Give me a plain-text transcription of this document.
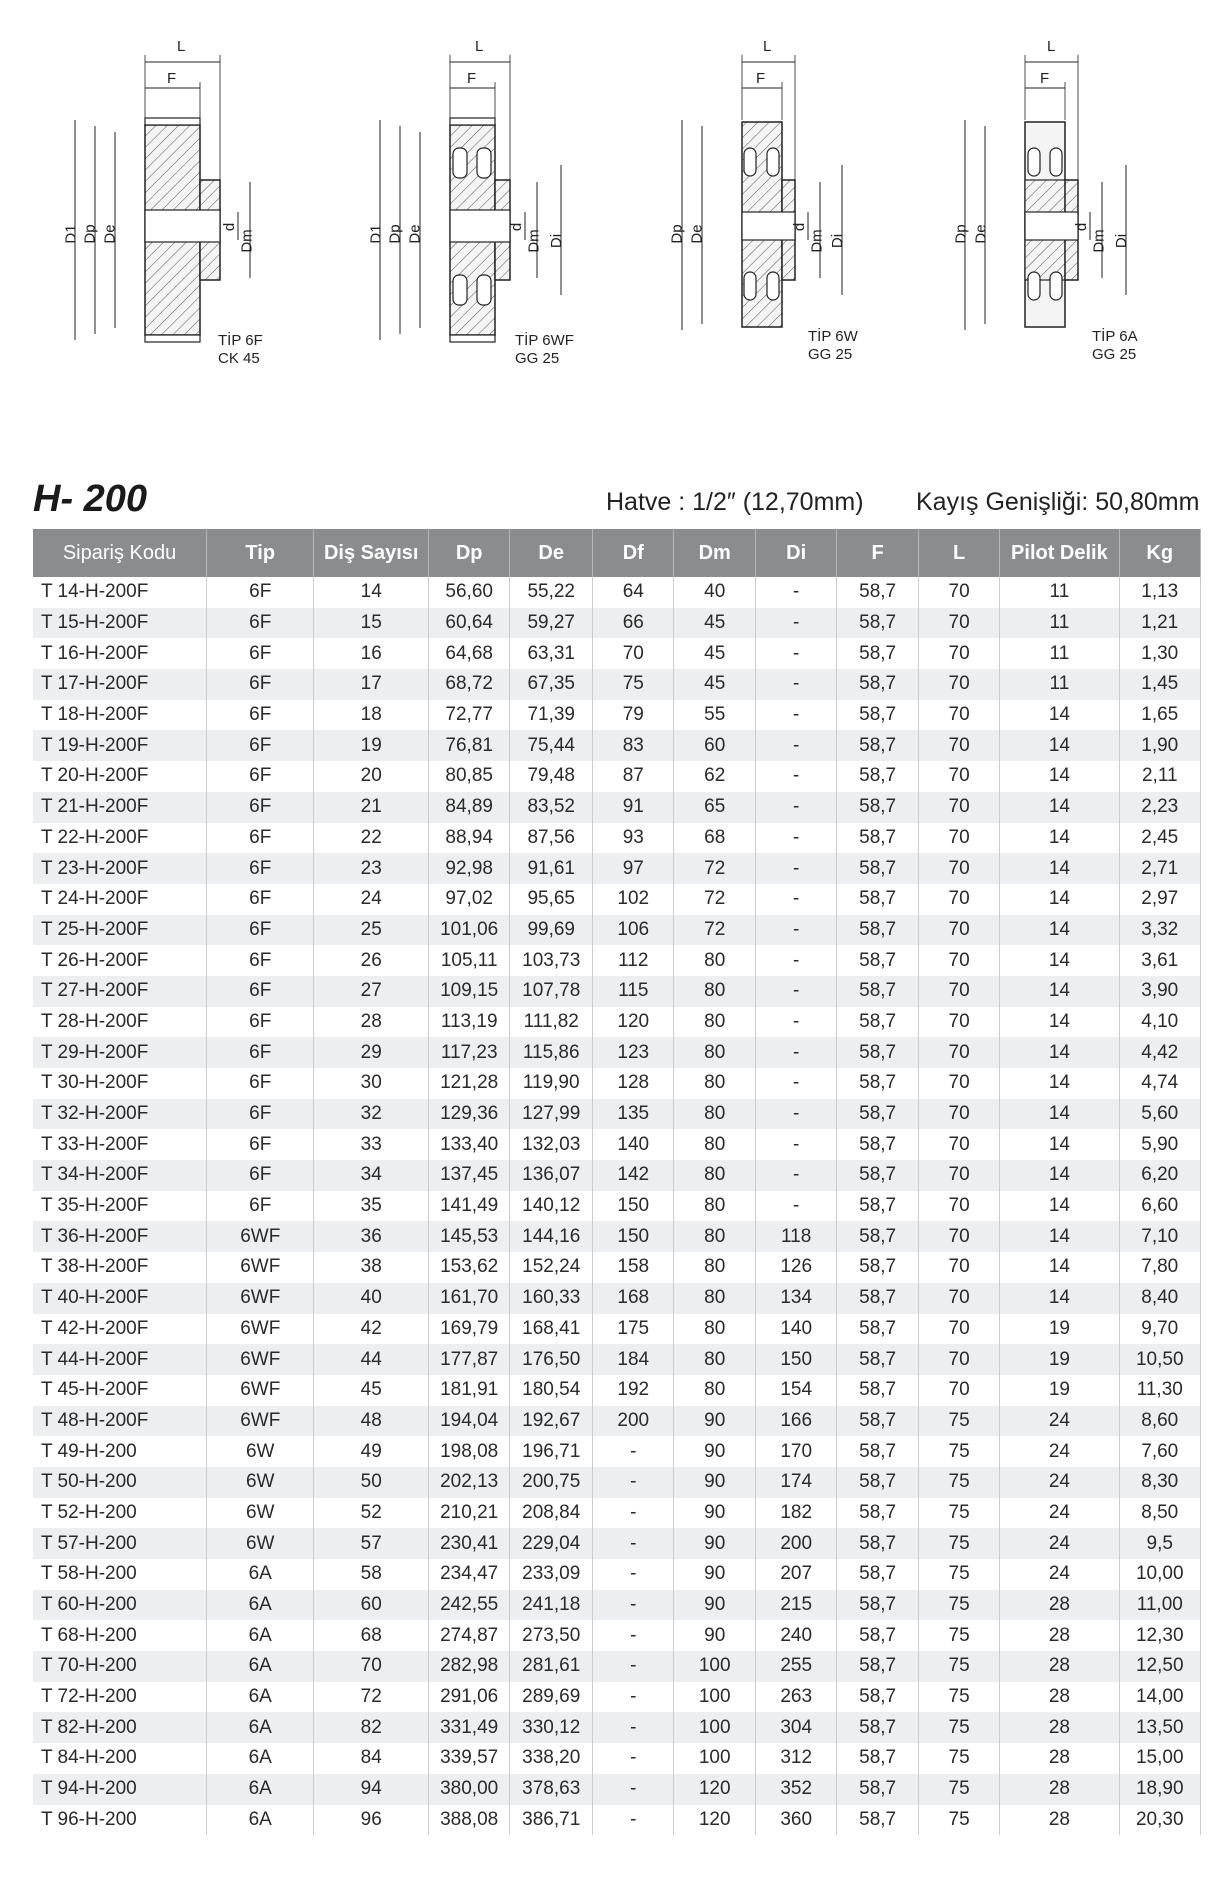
L
F
D1 Dp De	d
Dm
TİP 6F
CK 45
L
F
D1 Dp De	d
Dm Di
TİP 6WF
GG 25
L
F
Dp De	d
Dm Di
TİP 6W
GG 25
L
F
Dp De	d
Dm Di
TİP 6A
GG 25
H- 200	Hatve : 1/2″ (12,70mm) Kayış Genişliği: 50,80mm
Sipariş Kodu	Tip	Diş Sayısı	Dp	De	Df	Dm	Di	F	L	Pilot Delik	Kg
T 14-H-200F	6F	14	56,60	55,22	64	40	-	58,7	70	11	1,13
T 15-H-200F	6F	15	60,64	59,27	66	45	-	58,7	70	11	1,21
T 16-H-200F	6F	16	64,68	63,31	70	45	-	58,7	70	11	1,30
T 17-H-200F	6F	17	68,72	67,35	75	45	-	58,7	70	11	1,45
T 18-H-200F	6F	18	72,77	71,39	79	55	-	58,7	70	14	1,65
T 19-H-200F	6F	19	76,81	75,44	83	60	-	58,7	70	14	1,90
T 20-H-200F	6F	20	80,85	79,48	87	62	-	58,7	70	14	2,11
T 21-H-200F	6F	21	84,89	83,52	91	65	-	58,7	70	14	2,23
T 22-H-200F	6F	22	88,94	87,56	93	68	-	58,7	70	14	2,45
T 23-H-200F	6F	23	92,98	91,61	97	72	-	58,7	70	14	2,71
T 24-H-200F	6F	24	97,02	95,65	102	72	-	58,7	70	14	2,97
T 25-H-200F	6F	25	101,06	99,69	106	72	-	58,7	70	14	3,32
T 26-H-200F	6F	26	105,11	103,73	112	80	-	58,7	70	14	3,61
T 27-H-200F	6F	27	109,15	107,78	115	80	-	58,7	70	14	3,90
T 28-H-200F	6F	28	113,19	111,82	120	80	-	58,7	70	14	4,10
T 29-H-200F	6F	29	117,23	115,86	123	80	-	58,7	70	14	4,42
T 30-H-200F	6F	30	121,28	119,90	128	80	-	58,7	70	14	4,74
T 32-H-200F	6F	32	129,36	127,99	135	80	-	58,7	70	14	5,60
T 33-H-200F	6F	33	133,40	132,03	140	80	-	58,7	70	14	5,90
T 34-H-200F	6F	34	137,45	136,07	142	80	-	58,7	70	14	6,20
T 35-H-200F	6F	35	141,49	140,12	150	80	-	58,7	70	14	6,60
T 36-H-200F	6WF	36	145,53	144,16	150	80	118	58,7	70	14	7,10
T 38-H-200F	6WF	38	153,62	152,24	158	80	126	58,7	70	14	7,80
T 40-H-200F	6WF	40	161,70	160,33	168	80	134	58,7	70	14	8,40
T 42-H-200F	6WF	42	169,79	168,41	175	80	140	58,7	70	19	9,70
T 44-H-200F	6WF	44	177,87	176,50	184	80	150	58,7	70	19	10,50
T 45-H-200F	6WF	45	181,91	180,54	192	80	154	58,7	70	19	11,30
T 48-H-200F	6WF	48	194,04	192,67	200	90	166	58,7	75	24	8,60
T 49-H-200	6W	49	198,08	196,71	-	90	170	58,7	75	24	7,60
T 50-H-200	6W	50	202,13	200,75	-	90	174	58,7	75	24	8,30
T 52-H-200	6W	52	210,21	208,84	-	90	182	58,7	75	24	8,50
T 57-H-200	6W	57	230,41	229,04	-	90	200	58,7	75	24	9,5
T 58-H-200	6A	58	234,47	233,09	-	90	207	58,7	75	24	10,00
T 60-H-200	6A	60	242,55	241,18	-	90	215	58,7	75	28	11,00
T 68-H-200	6A	68	274,87	273,50	-	90	240	58,7	75	28	12,30
T 70-H-200	6A	70	282,98	281,61	-	100	255	58,7	75	28	12,50
T 72-H-200	6A	72	291,06	289,69	-	100	263	58,7	75	28	14,00
T 82-H-200	6A	82	331,49	330,12	-	100	304	58,7	75	28	13,50
T 84-H-200	6A	84	339,57	338,20	-	100	312	58,7	75	28	15,00
T 94-H-200	6A	94	380,00	378,63	-	120	352	58,7	75	28	18,90
T 96-H-200	6A	96	388,08	386,71	-	120	360	58,7	75	28	20,30
